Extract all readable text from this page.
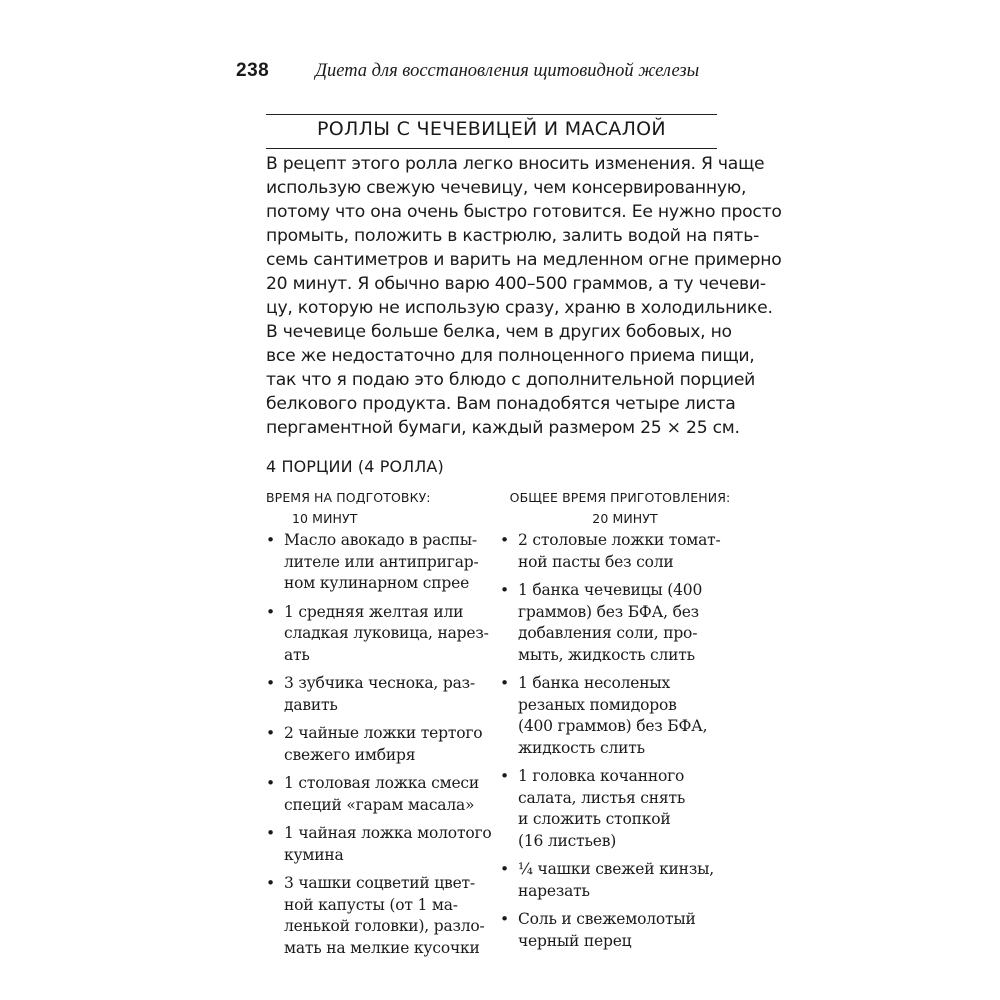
238 Диета для восстановления щитовидной железы
РОЛЛЫ С ЧЕЧЕВИЦЕЙ И МАСАЛОЙ
В рецепт этого ролла легко вносить изменения. Я чаще
использую свежую чечевицу, чем консервированную,
потому что она очень быстро готовится. Ее нужно просто
промыть, положить в кастрюлю, залить водой на пять-
семь сантиметров и варить на медленном огне примерно
20 минут. Я обычно варю 400–500 граммов, а ту чечеви-
цу, которую не использую сразу, храню в холодильнике.
В чечевице больше белка, чем в других бобовых, но
все же недостаточно для полноценного приема пищи,
так что я подаю это блюдо с дополнительной порцией
белкового продукта. Вам понадобятся четыре листа
пергаментной бумаги, каждый размером 25 × 25 см.
4 ПОРЦИИ (4 РОЛЛА)
ВРЕМЯ НА ПОДГОТОВКУ:
10 МИНУТ
ОБЩЕЕ ВРЕМЯ ПРИГОТОВЛЕНИЯ:
20 МИНУТ
• Масло авокадо в распы-
лителе или антипригар-
ном кулинарном спрее
• 1 средняя желтая или
сладкая луковица, нарез-
ать
• 3 зубчика чеснока, раз-
давить
• 2 чайные ложки тертого
свежего имбиря
• 1 столовая ложка смеси
специй «гарам масала»
• 1 чайная ложка молотого
кумина
• 3 чашки соцветий цвет-
ной капусты (от 1 ма-
ленькой головки), разло-
мать на мелкие кусочки
• 2 столовые ложки томат-
ной пасты без соли
• 1 банка чечевицы (400
граммов) без БФА, без
добавления соли, про-
мыть, жидкость слить
• 1 банка несоленых
резаных помидоров
(400 граммов) без БФА,
жидкость слить
• 1 головка кочанного
салата, листья снять
и сложить стопкой
(16 листьев)
• ¼ чашки свежей кинзы,
нарезать
• Соль и свежемолотый
черный перец
